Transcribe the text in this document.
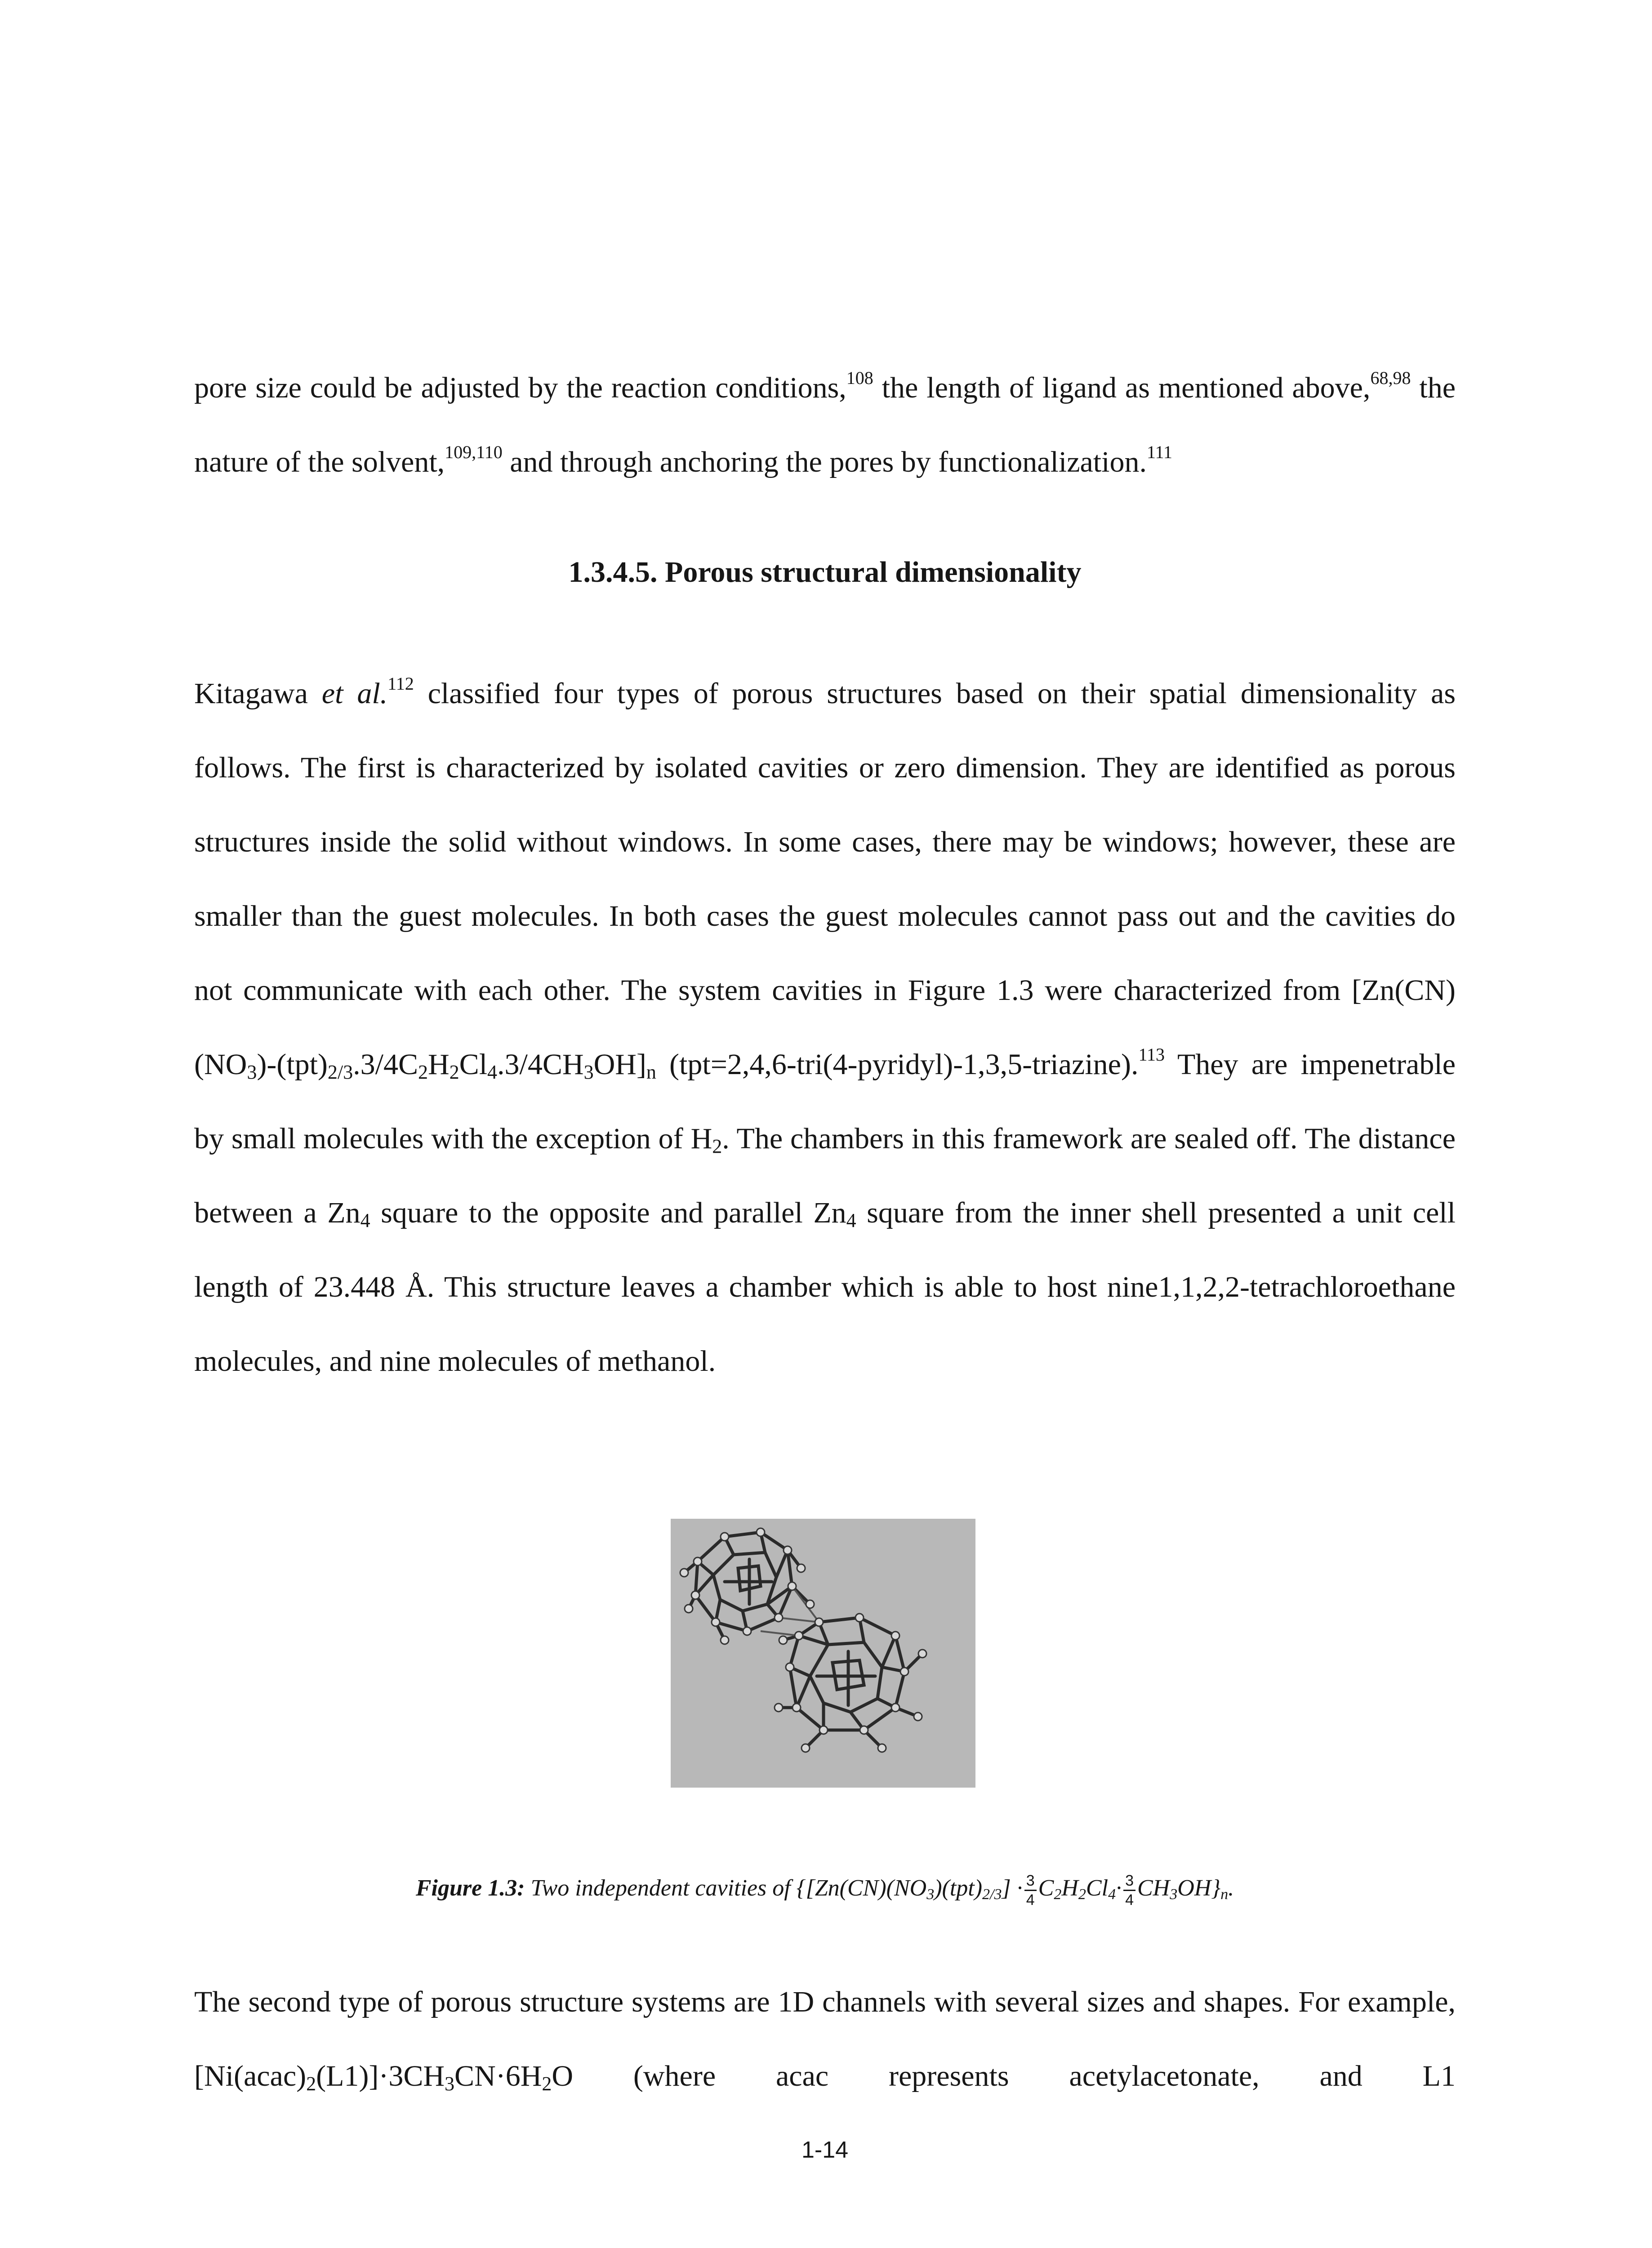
pore size could be adjusted by the reaction conditions,$^{108}$ the length of ligand as mentioned above,$^{68,98}$ the nature of the solvent,$^{109,110}$ and through anchoring the pores by functionalization.$^{111}$

1.3.4.5. Porous structural dimensionality

Kitagawa et al.$^{112}$ classified four types of porous structures based on their spatial dimensionality as follows. The first is characterized by isolated cavities or zero dimension. They are identified as porous structures inside the solid without windows. In some cases, there may be windows; however, these are smaller than the guest molecules. In both cases the guest molecules cannot pass out and the cavities do not communicate with each other. The system cavities in Figure 1.3 were characterized from $[Zn(CN)(NO_3)-(tpt)_{2/3}.3/4C_2H_2Cl_4.3/4CH_3OH]_n$ (tpt=2,4,6-tri(4-pyridyl)-1,3,5-triazine).$^{113}$ They are impenetrable by small molecules with the exception of $H_2$. The chambers in this framework are sealed off. The distance between a $Zn_4$ square to the opposite and parallel $Zn_4$ square from the inner shell presented a unit cell length of 23.448 Å. This structure leaves a chamber which is able to host nine1,1,2,2-tetrachloroethane molecules, and nine molecules of methanol.

Figure 1.3: Two independent cavities of $\{[Zn(CN)(NO_3)(tpt)_{2/3}] \cdot \frac{3}{4} C_2H_2Cl_4\cdot \frac{3}{4} CH_3OH\}_n$.

The second type of porous structure systems are 1D channels with several sizes and shapes. For example, $[Ni(acac)_2(L1)]\cdot 3CH_3CN\cdot 6H_2O$ (where acac represents acetylacetonate, and L1

1-14
